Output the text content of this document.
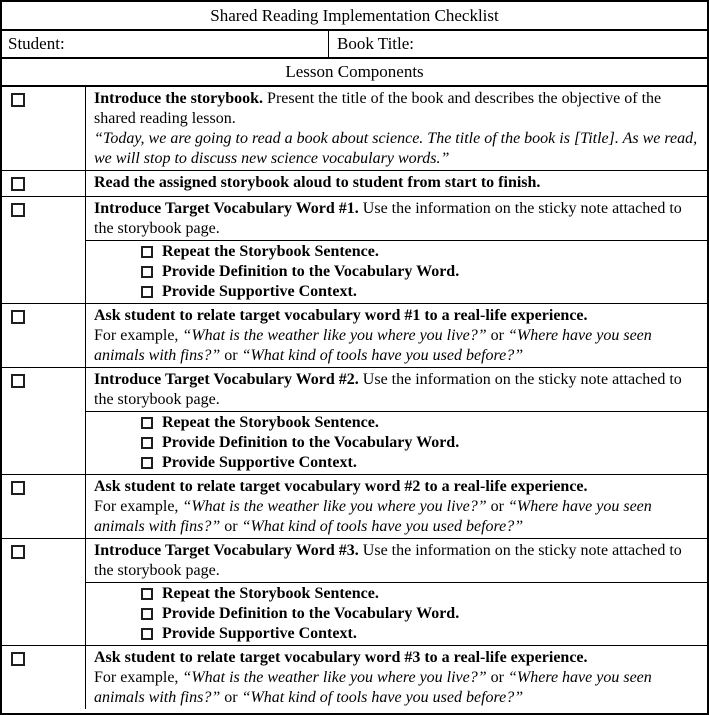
Shared Reading Implementation Checklist
Student:	Book Title:
Lesson Components
Introduce the storybook. Present the title of the book and describes the objective of the shared reading lesson.
“Today, we are going to read a book about science. The title of the book is [Title]. As we read, we will stop to discuss new science vocabulary words.”
Read the assigned storybook aloud to student from start to finish.
Introduce Target Vocabulary Word #1. Use the information on the sticky note attached to the storybook page.
Repeat the Storybook Sentence.
Provide Definition to the Vocabulary Word.
Provide Supportive Context.
Ask student to relate target vocabulary word #1 to a real-life experience.
For example, “What is the weather like you where you live?” or “Where have you seen animals with fins?” or “What kind of tools have you used before?”
Introduce Target Vocabulary Word #2. Use the information on the sticky note attached to the storybook page.
Repeat the Storybook Sentence.
Provide Definition to the Vocabulary Word.
Provide Supportive Context.
Ask student to relate target vocabulary word #2 to a real-life experience.
For example, “What is the weather like you where you live?” or “Where have you seen animals with fins?” or “What kind of tools have you used before?”
Introduce Target Vocabulary Word #3. Use the information on the sticky note attached to the storybook page.
Repeat the Storybook Sentence.
Provide Definition to the Vocabulary Word.
Provide Supportive Context.
Ask student to relate target vocabulary word #3 to a real-life experience.
For example, “What is the weather like you where you live?” or “Where have you seen animals with fins?” or “What kind of tools have you used before?”
